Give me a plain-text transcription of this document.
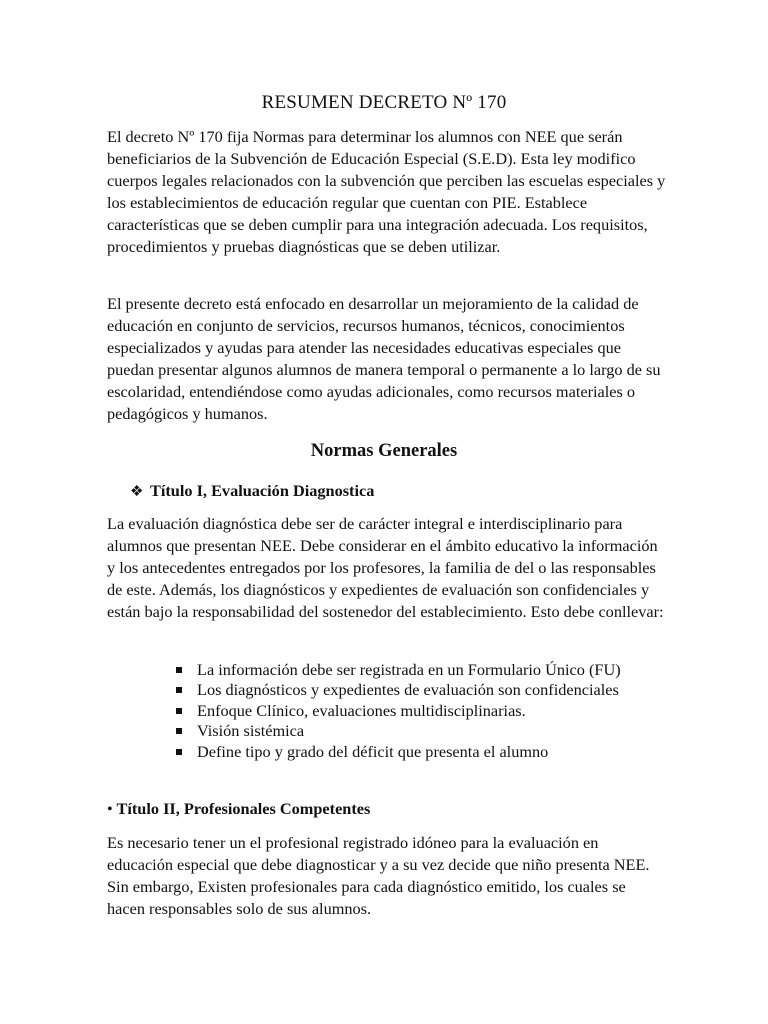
RESUMEN DECRETO Nº 170

El decreto Nº 170 fija Normas para determinar los alumnos con NEE que serán beneficiarios de la Subvención de Educación Especial (S.E.D). Esta ley modifico cuerpos legales relacionados con la subvención que perciben las escuelas especiales y los establecimientos de educación regular que cuentan con PIE. Establece características que se deben cumplir para una integración adecuada. Los requisitos, procedimientos y pruebas diagnósticas que se deben utilizar.

El presente decreto está enfocado en desarrollar un mejoramiento de la calidad de educación en conjunto de servicios, recursos humanos, técnicos, conocimientos especializados y ayudas para atender las necesidades educativas especiales que puedan presentar algunos alumnos de manera temporal o permanente a lo largo de su escolaridad, entendiéndose como ayudas adicionales, como recursos materiales o pedagógicos y humanos.

Normas Generales
❖ Título I, Evaluación Diagnostica

La evaluación diagnóstica debe ser de carácter integral e interdisciplinario para alumnos que presentan NEE. Debe considerar en el ámbito educativo la información y los antecedentes entregados por los profesores, la familia de del o las responsables de este. Además, los diagnósticos y expedientes de evaluación son confidenciales y están bajo la responsabilidad del sostenedor del establecimiento. Esto debe conllevar:

La información debe ser registrada en un Formulario Único (FU)
Los diagnósticos y expedientes de evaluación son confidenciales
Enfoque Clínico, evaluaciones multidisciplinarias.
Visión sistémica
Define tipo y grado del déficit que presenta el alumno
• Título II, Profesionales Competentes

Es necesario tener un el profesional registrado idóneo para la evaluación en educación especial que debe diagnosticar y a su vez decide que niño presenta NEE. Sin embargo, Existen profesionales para cada diagnóstico emitido, los cuales se hacen responsables solo de sus alumnos.
